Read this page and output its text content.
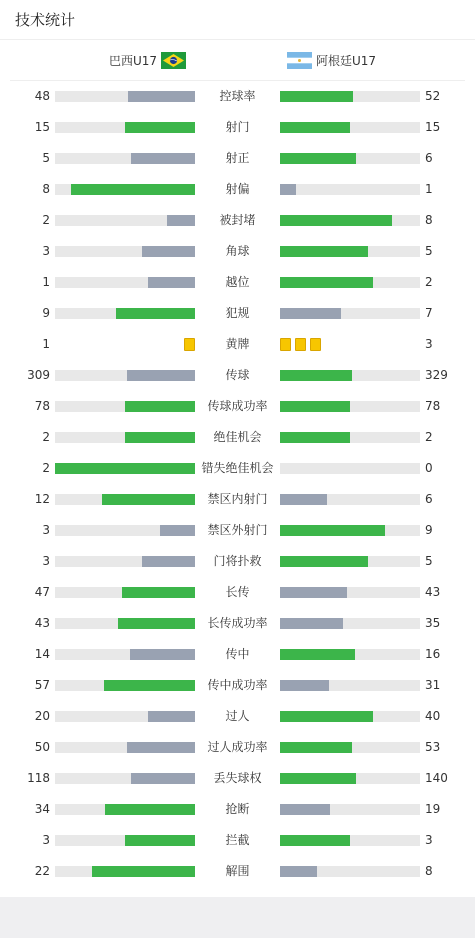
技术统计
巴西U17	阿根廷U17
48	控球率	52
15	射门	15
5	射正	6
8	射偏	1
2	被封堵	8
3	角球	5
1	越位	2
9	犯规	7
1	黄牌	3
309	传球	329
78	传球成功率	78
2	绝佳机会	2
2	错失绝佳机会	0
12	禁区内射门	6
3	禁区外射门	9
3	门将扑救	5
47	长传	43
43	长传成功率	35
14	传中	16
57	传中成功率	31
20	过人	40
50	过人成功率	53
118	丢失球权	140
34	抢断	19
3	拦截	3
22	解围	8
